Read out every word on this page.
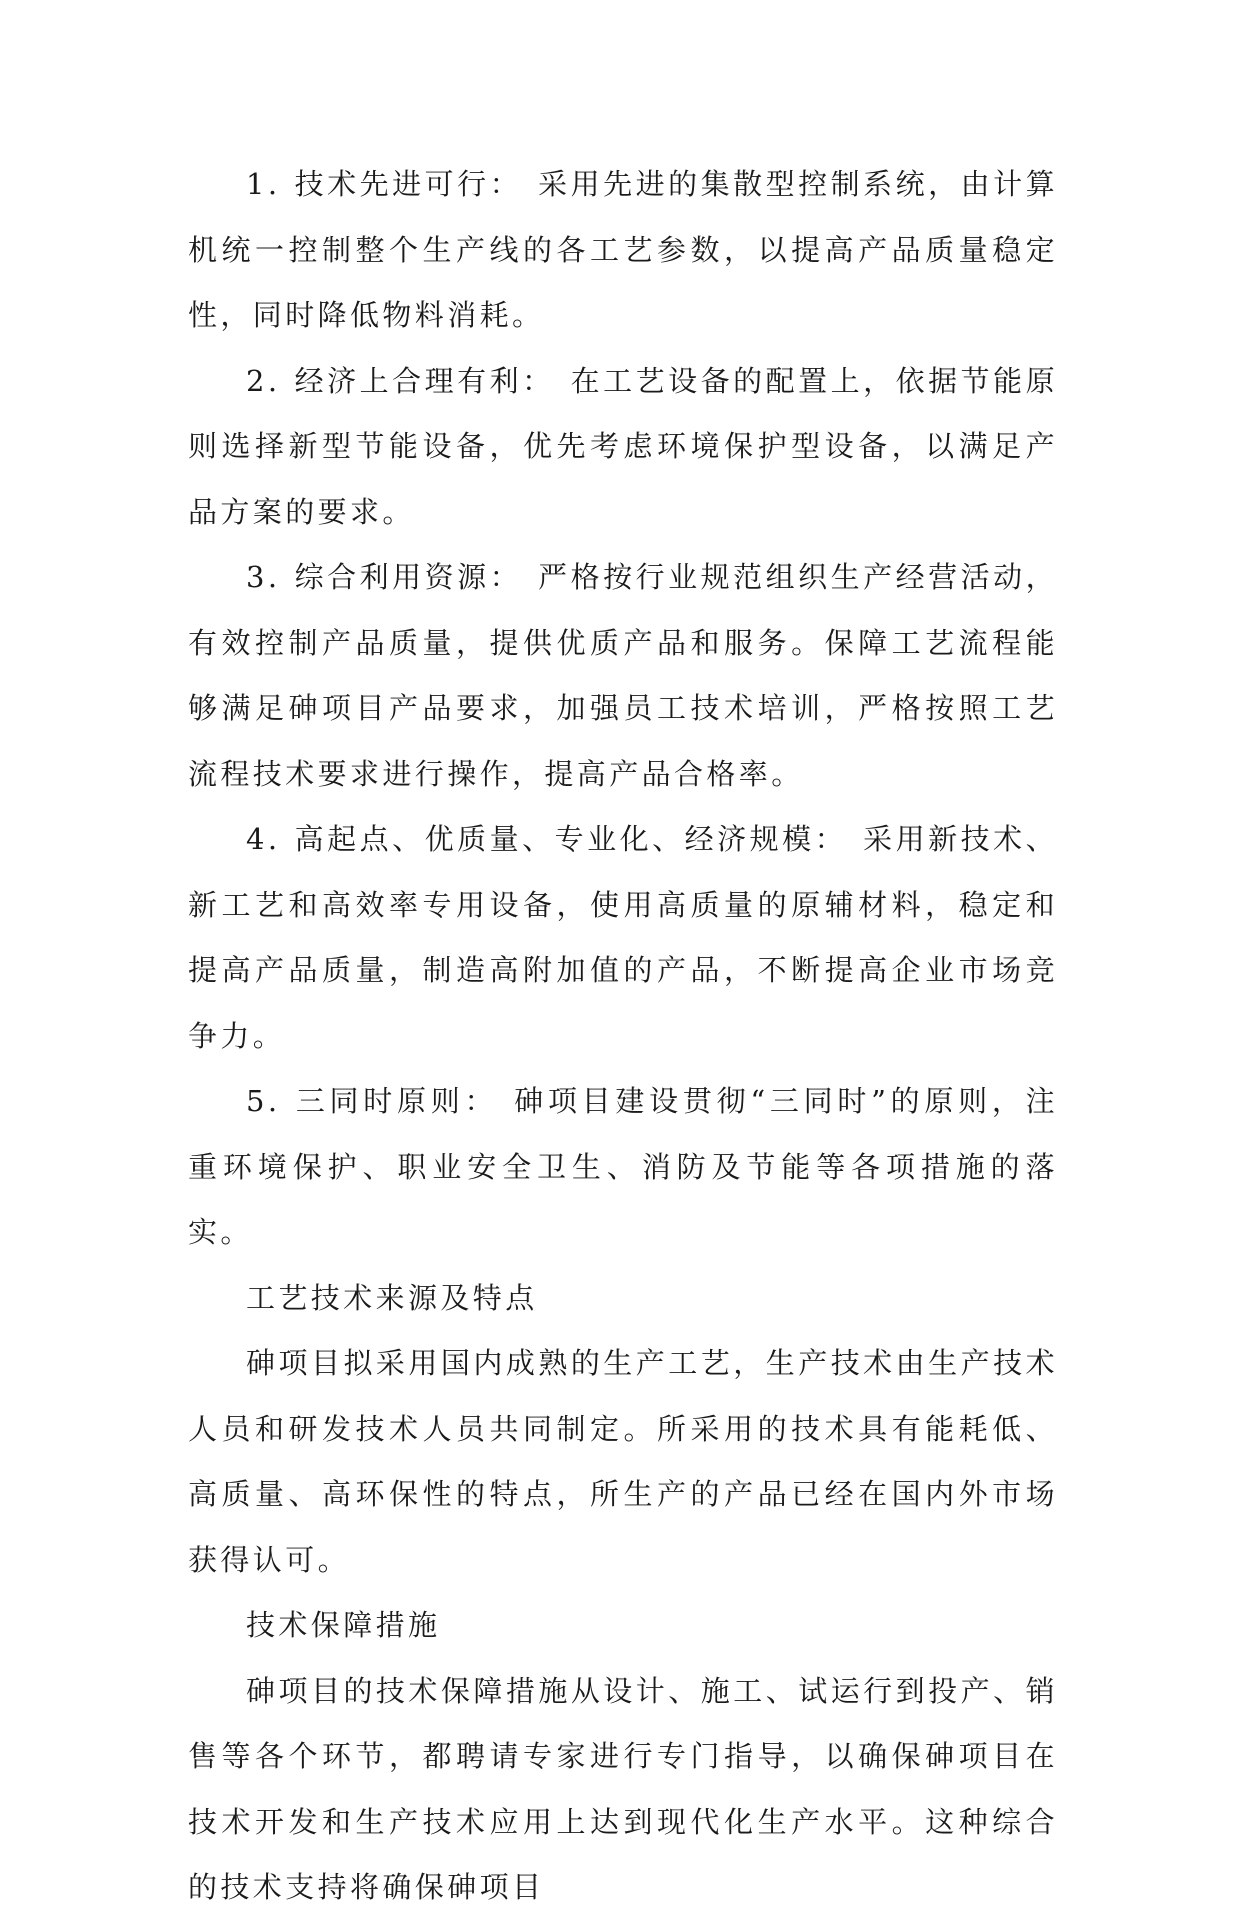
1. 技术先进可行： 采用先进的集散型控制系统，由计算机统一控制整个生产线的各工艺参数，以提高产品质量稳定性，同时降低物料消耗。

2. 经济上合理有利： 在工艺设备的配置上，依据节能原则选择新型节能设备，优先考虑环境保护型设备，以满足产品方案的要求。

3. 综合利用资源： 严格按行业规范组织生产经营活动，有效控制产品质量，提供优质产品和服务。保障工艺流程能够满足砷项目产品要求，加强员工技术培训，严格按照工艺流程技术要求进行操作，提高产品合格率。

4. 高起点、优质量、专业化、经济规模： 采用新技术、新工艺和高效率专用设备，使用高质量的原辅材料，稳定和提高产品质量，制造高附加值的产品，不断提高企业市场竞争力。

5. 三同时原则： 砷项目建设贯彻“三同时”的原则，注重环境保护、职业安全卫生、消防及节能等各项措施的落实。

工艺技术来源及特点

砷项目拟采用国内成熟的生产工艺，生产技术由生产技术人员和研发技术人员共同制定。所采用的技术具有能耗低、高质量、高环保性的特点，所生产的产品已经在国内外市场获得认可。

技术保障措施

砷项目的技术保障措施从设计、施工、试运行到投产、销售等各个环节，都聘请专家进行专门指导，以确保砷项目在技术开发和生产技术应用上达到现代化生产水平。这种综合的技术支持将确保砷项目
